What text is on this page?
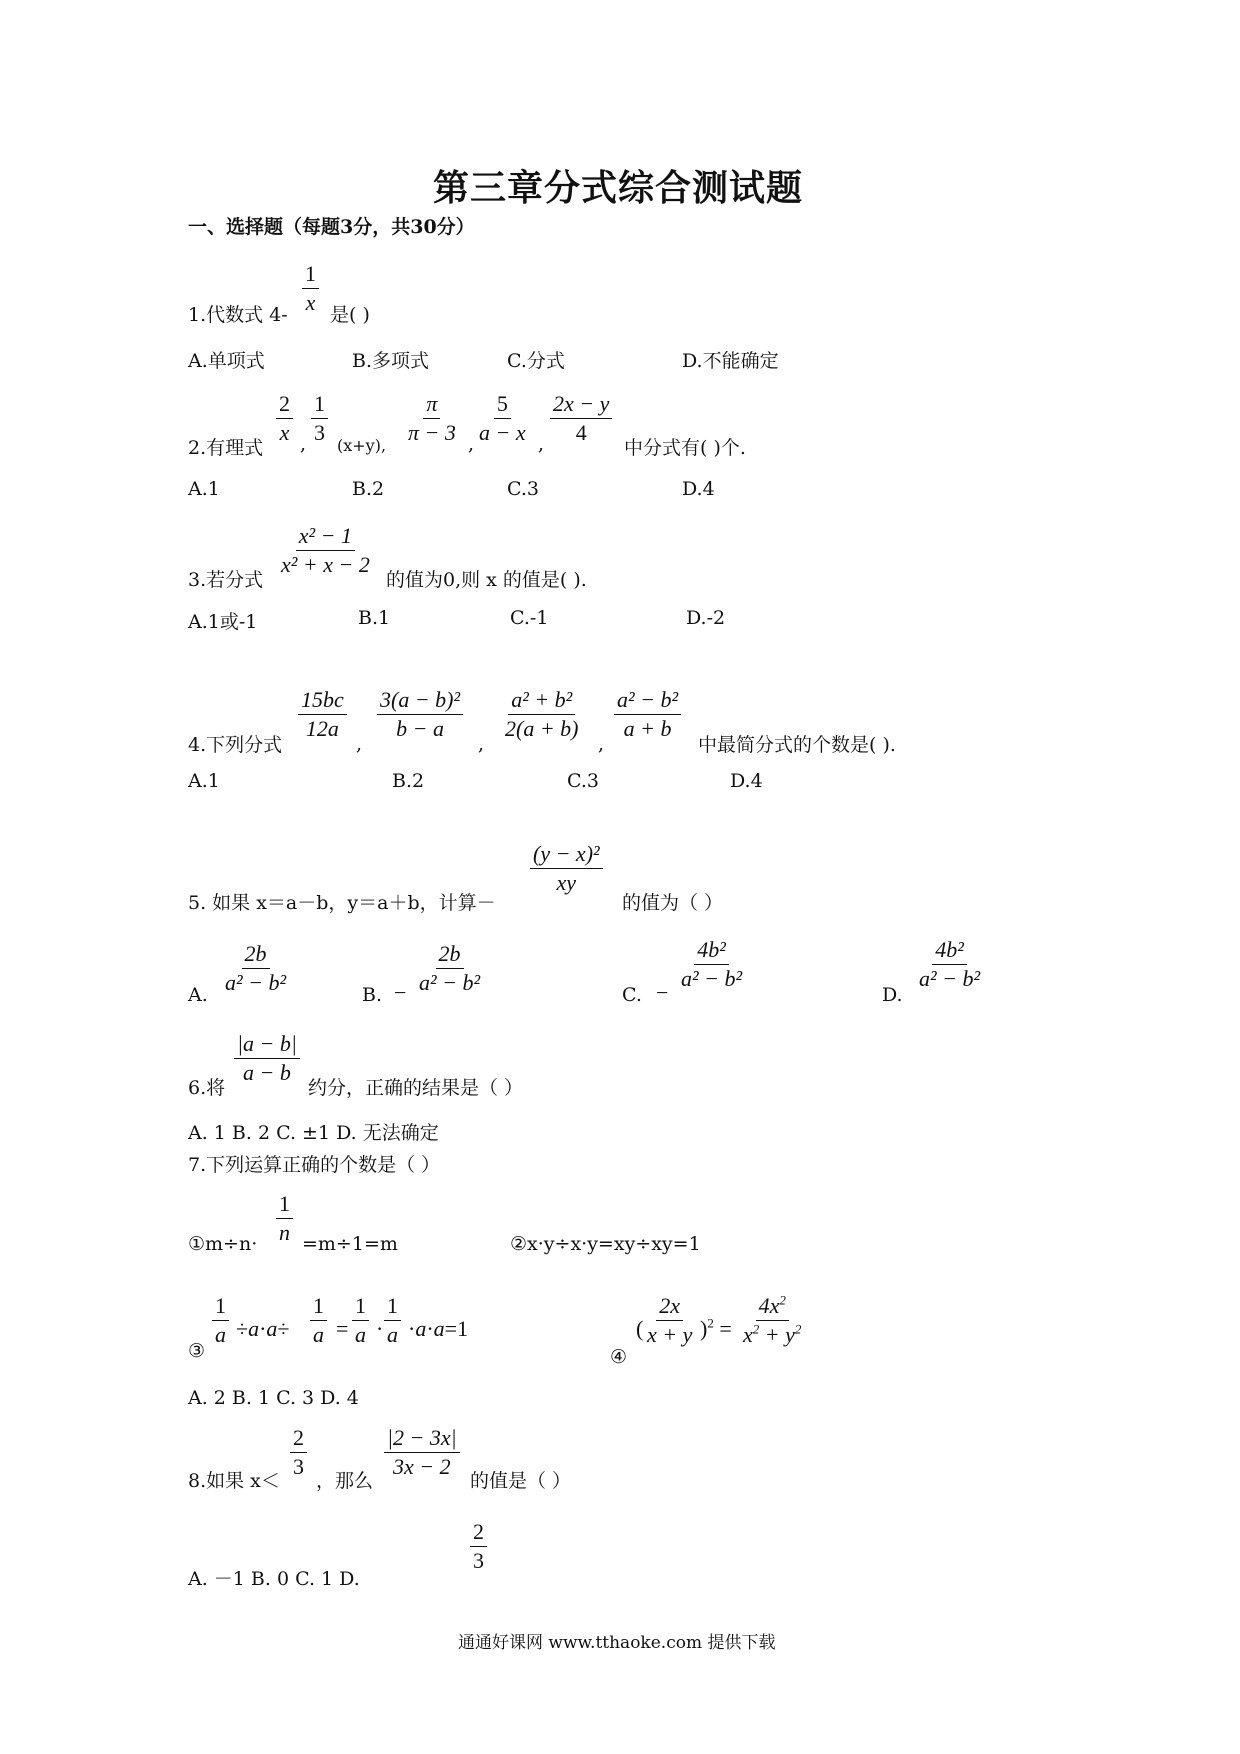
第三章分式综合测试题
一、选择题（每题3分，共30分）
1.代数式 $4- \frac{1}{x}$ 是( )
A.单项式	B.多项式	C.分式	D.不能确定
2.有理式
$\frac{2}{x}$ , $\frac{1}{3} (x+y)$, $\frac{\pi}{\pi - 3}$ , $\frac{5}{a - x}$ , $\frac{2x - y}{4}$
中分式有( )个.
A.1	B.2	C.3	D.4
3.若分式
$\frac{\text{x² − 1}}{\text{x² + x − 2}}$
的值为0,则 x 的值是( ).
A.1或-1	B.1	C.-1	D.-2
4.下列分式
$\frac{15bc}{12a}$
,
$\frac{\text{3(a − b)²}}{b - a}$
,
$\frac{\text{a² + b²}}{2(a + b)}$
,
$\frac{\text{a² − b²}}{a + b}$
中最简分式的个数是( ).
A.1	B.2	C.3	D.4
5. 如果 x＝a－b，y＝a＋b，计算－
$\frac{\text{(y − x)²}}{xy}$
的值为（ ）
A. $\frac{2b}{\text{a² − b²}}$	B. − $\frac{2b}{\text{a² − b²}}$	C. − $\frac{\text{4b²}}{\text{a² − b²}}$
D.
$\frac{\text{4b²}}{\text{a² − b²}}$
6.将
$\frac{|a - b|}{a - b}$
约分，正确的结果是（ ）
A. 1 B. 2 C. ±1 D. 无法确定
7.下列运算正确的个数是（ ）
①m÷n· $\frac{1}{n} =m\div 1=m$	②x·y÷x·y=xy÷xy=1
③
$\frac{1}{a} \div a\cdot a\div \frac{1}{a} = \frac{1}{a} \cdot \frac{1}{a} \cdot a\cdot a=1$
④
( $\frac{2x}{x + y} )^2 = \frac{4x^2}{x^2 + y^2}$
A. 2 B. 1 C. 3 D. 4
8.如果 $x< \frac{2}{3}$ ，那么 $\frac{|2 - 3x|}{3x - 2}$ 的值是（ ）
A. －1 B. 0 C. 1 D.
$\frac{2}{3}$
通通好课网 www.tthaoke.com 提供下载
